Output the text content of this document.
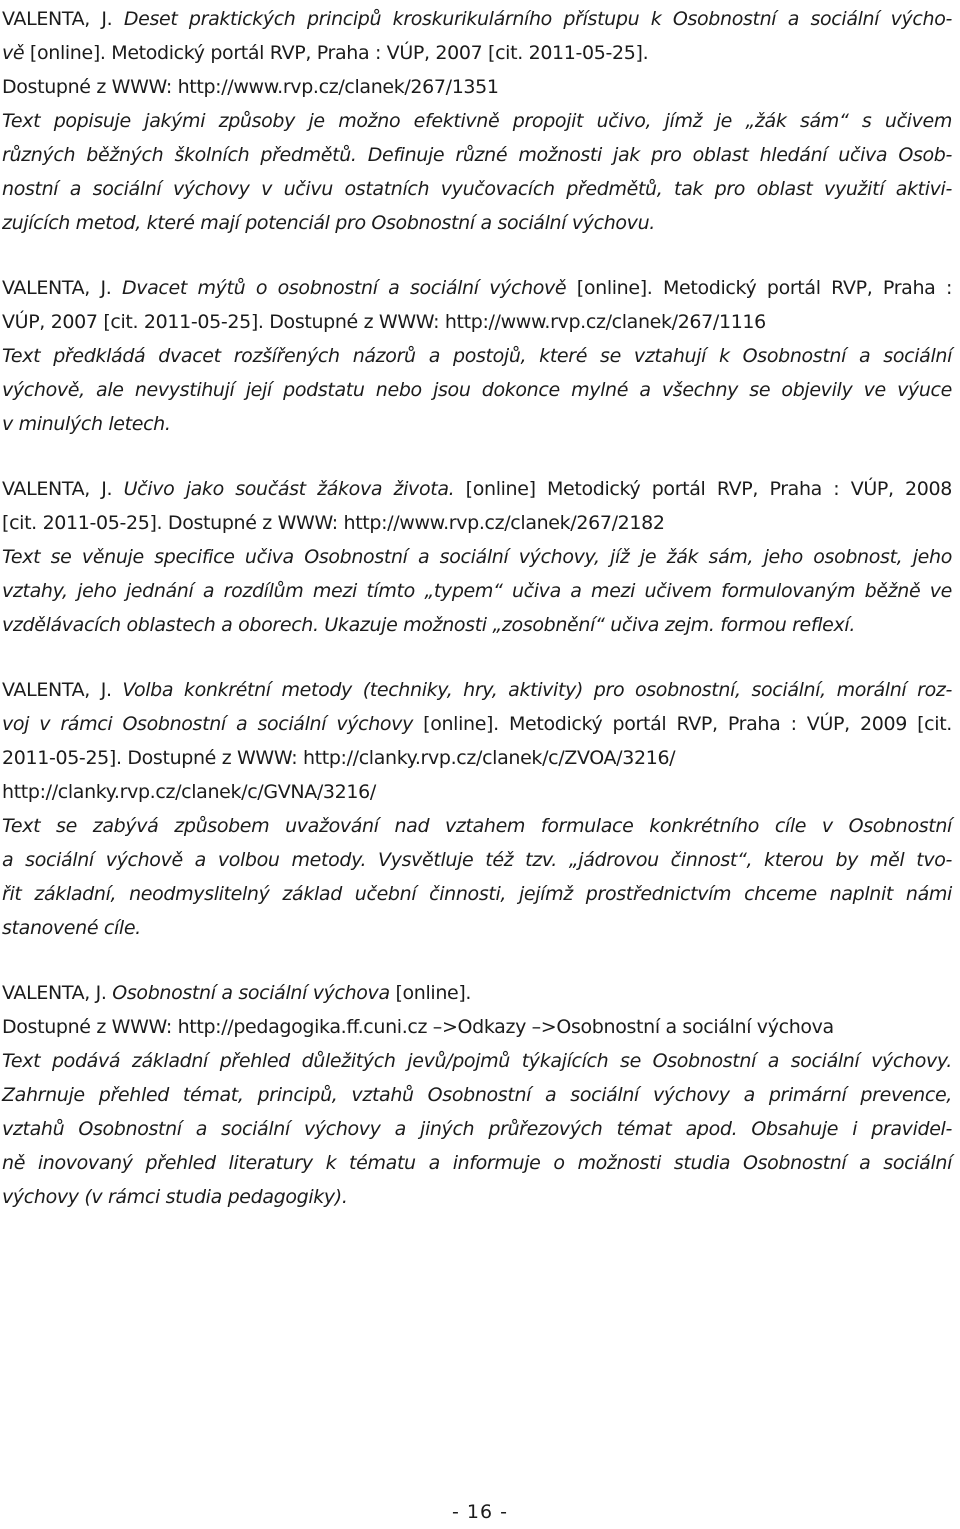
VALENTA, J. Deset praktických principů kroskurikulárního přístupu k Osobnostní a sociální výcho-
vě [online]. Metodický portál RVP, Praha : VÚP, 2007 [cit. 2011-05-25].
Dostupné z WWW: http://www.rvp.cz/clanek/267/1351
Text popisuje jakými způsoby je možno efektivně propojit učivo, jímž je „žák sám“ s učivem
různých běžných školních předmětů. Definuje různé možnosti jak pro oblast hledání učiva Osob-
nostní a sociální výchovy v učivu ostatních vyučovacích předmětů, tak pro oblast využití aktivi-
zujících metod, které mají potenciál pro Osobnostní a sociální výchovu.
VALENTA, J. Dvacet mýtů o osobnostní a sociální výchově [online]. Metodický portál RVP, Praha :
VÚP, 2007 [cit. 2011-05-25]. Dostupné z WWW: http://www.rvp.cz/clanek/267/1116
Text předkládá dvacet rozšířených názorů a postojů, které se vztahují k Osobnostní a sociální
výchově, ale nevystihují její podstatu nebo jsou dokonce mylné a všechny se objevily ve výuce
v minulých letech.
VALENTA, J. Učivo jako součást žákova života. [online] Metodický portál RVP, Praha : VÚP, 2008
[cit. 2011-05-25]. Dostupné z WWW: http://www.rvp.cz/clanek/267/2182
Text se věnuje specifice učiva Osobnostní a sociální výchovy, jíž je žák sám, jeho osobnost, jeho
vztahy, jeho jednání a rozdílům mezi tímto „typem“ učiva a mezi učivem formulovaným běžně ve
vzdělávacích oblastech a oborech. Ukazuje možnosti „zosobnění“ učiva zejm. formou reflexí.
VALENTA, J. Volba konkrétní metody (techniky, hry, aktivity) pro osobnostní, sociální, morální roz-
voj v rámci Osobnostní a sociální výchovy [online]. Metodický portál RVP, Praha : VÚP, 2009 [cit.
2011-05-25]. Dostupné z WWW: http://clanky.rvp.cz/clanek/c/ZVOA/3216/
http://clanky.rvp.cz/clanek/c/GVNA/3216/
Text se zabývá způsobem uvažování nad vztahem formulace konkrétního cíle v Osobnostní
a sociální výchově a volbou metody. Vysvětluje též tzv. „jádrovou činnost“, kterou by měl tvo-
řit základní, neodmyslitelný základ učební činnosti, jejímž prostřednictvím chceme naplnit námi
stanovené cíle.
VALENTA, J. Osobnostní a sociální výchova [online].
Dostupné z WWW: http://pedagogika.ff.cuni.cz –>Odkazy –>Osobnostní a sociální výchova
Text podává základní přehled důležitých jevů/pojmů týkajících se Osobnostní a sociální výchovy.
Zahrnuje přehled témat, principů, vztahů Osobnostní a sociální výchovy a primární prevence,
vztahů Osobnostní a sociální výchovy a jiných průřezových témat apod. Obsahuje i pravidel-
ně inovovaný přehled literatury k tématu a informuje o možnosti studia Osobnostní a sociální
výchovy (v rámci studia pedagogiky).
- 16 -
